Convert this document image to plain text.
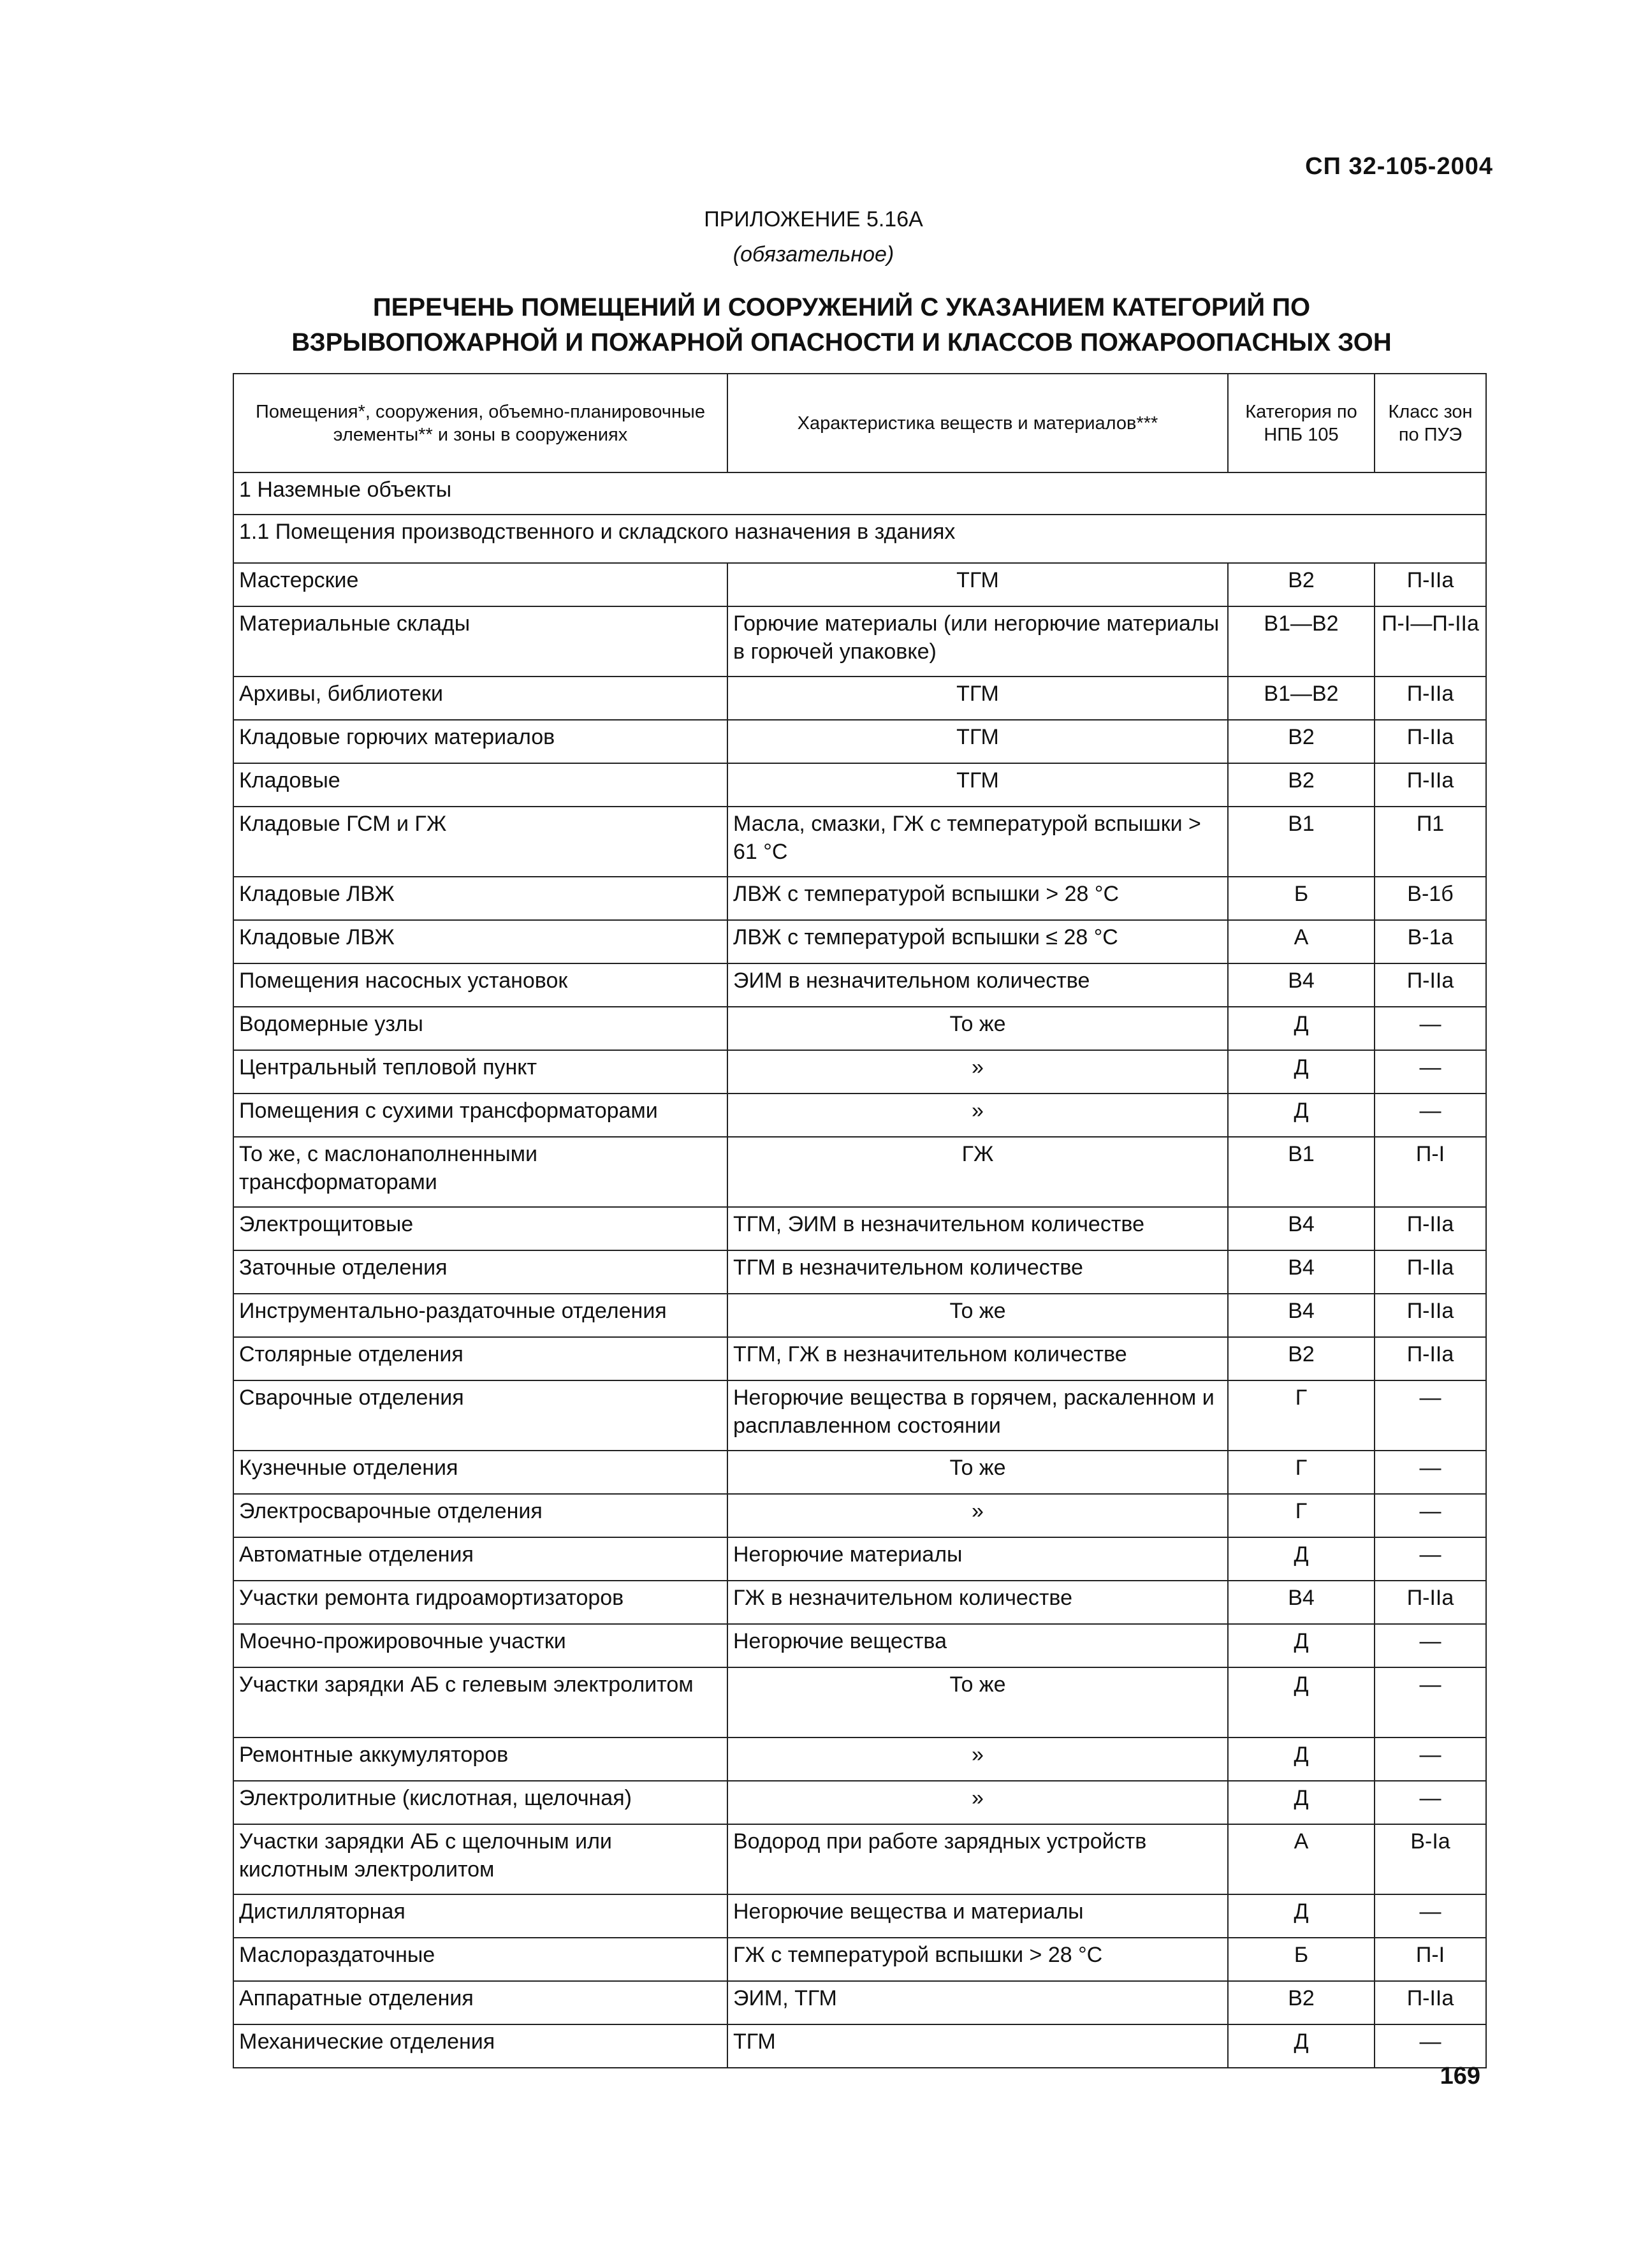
СП 32-105-2004
ПРИЛОЖЕНИЕ 5.16А
(обязательное)
ПЕРЕЧЕНЬ ПОМЕЩЕНИЙ И СООРУЖЕНИЙ С УКАЗАНИЕМ КАТЕГОРИЙ ПО
ВЗРЫВОПОЖАРНОЙ И ПОЖАРНОЙ ОПАСНОСТИ И КЛАССОВ ПОЖАРООПАСНЫХ ЗОН
Помещения*, сооружения, объемно-планировочные элементы** и зоны в сооружениях	Характеристика веществ и материалов***	Категория по НПБ 105	Класс зон по ПУЭ
1 Наземные объекты			
1.1 Помещения производственного и складского назначения в зданиях			
Мастерские	ТГМ	В2	П-IIа
Материальные склады	Горючие материалы (или негорючие материалы в горючей упаковке)	В1—В2	П-I—П-IIа
Архивы, библиотеки	ТГМ	В1—В2	П-IIа
Кладовые горючих материалов	ТГМ	В2	П-IIа
Кладовые	ТГМ	В2	П-IIа
Кладовые ГСМ и ГЖ	Масла, смазки, ГЖ с температурой вспышки > 61 °С	В1	П1
Кладовые ЛВЖ	ЛВЖ с температурой вспышки > 28 °С	Б	В-1б
Кладовые ЛВЖ	ЛВЖ с температурой вспышки ≤ 28 °С	А	В-1а
Помещения насосных установок	ЭИМ в незначительном количестве	В4	П-IIа
Водомерные узлы	То же	Д	—
Центральный тепловой пункт	»	Д	—
Помещения с сухими трансформаторами	»	Д	—
То же, с маслонаполненными трансформаторами	ГЖ	В1	П-I
Электрощитовые	ТГМ, ЭИМ в незначительном количестве	В4	П-IIа
Заточные отделения	ТГМ в незначительном количестве	В4	П-IIа
Инструментально-раздаточные отделения	То же	В4	П-IIа
Столярные отделения	ТГМ, ГЖ в незначительном количестве	В2	П-IIа
Сварочные отделения	Негорючие вещества в горячем, раскаленном и расплавленном состоянии	Г	—
Кузнечные отделения	То же	Г	—
Электросварочные отделения	»	Г	—
Автоматные отделения	Негорючие материалы	Д	—
Участки ремонта гидроамортизаторов	ГЖ в незначительном количестве	В4	П-IIа
Моечно-прожировочные участки	Негорючие вещества	Д	—
Участки зарядки АБ с гелевым электролитом	То же	Д	—
Ремонтные аккумуляторов	»	Д	—
Электролитные (кислотная, щелочная)	»	Д	—
Участки зарядки АБ с щелочным или кислотным электролитом	Водород при работе зарядных устройств	А	В-Iа
Дистилляторная	Негорючие вещества и материалы	Д	—
Маслораздаточные	ГЖ с температурой вспышки > 28 °С	Б	П-I
Аппаратные отделения	ЭИМ, ТГМ	В2	П-IIа
Механические отделения	ТГМ	Д	—
169
